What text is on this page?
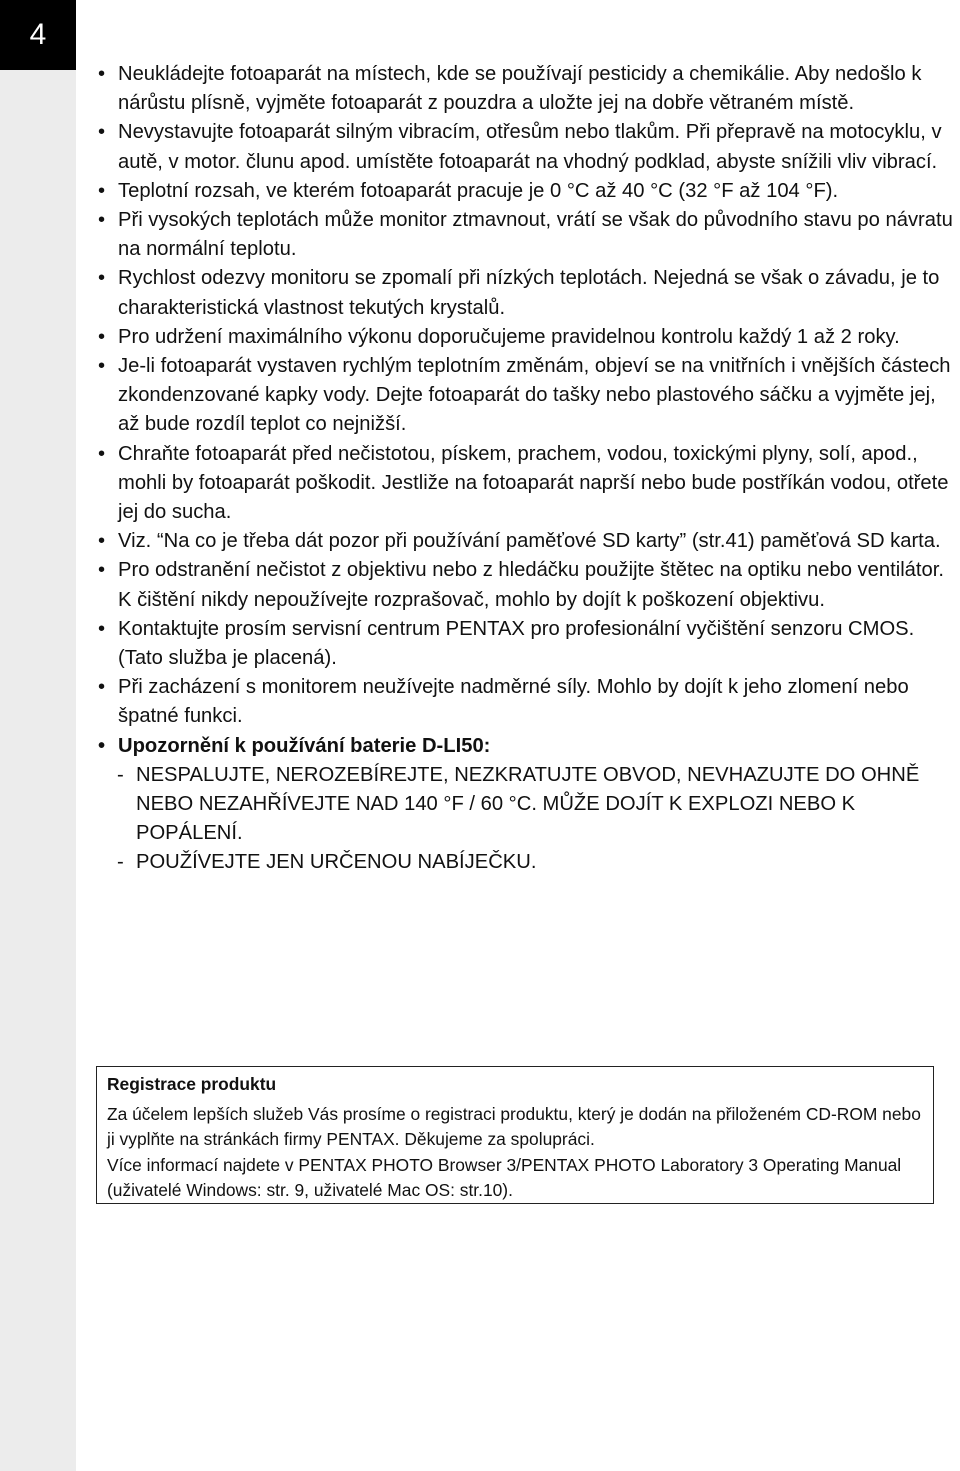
4
• Neukládejte fotoaparát na místech, kde se používají pesticidy a chemikálie. Aby nedošlo k nárůstu plísně, vyjměte fotoaparát z pouzdra a uložte jej na dobře větraném místě.
• Nevystavujte fotoaparát silným vibracím, otřesům nebo tlakům. Při přepravě na motocyklu, v autě, v motor. člunu apod. umístěte fotoaparát na vhodný podklad, abyste snížili vliv vibrací.
• Teplotní rozsah, ve kterém fotoaparát pracuje je 0 °C až 40 °C (32 °F až 104 °F).
• Při vysokých teplotách může monitor ztmavnout, vrátí se však do původního stavu po návratu na normální teplotu.
• Rychlost odezvy monitoru se zpomalí při nízkých teplotách. Nejedná se však o závadu, je to charakteristická vlastnost tekutých krystalů.
• Pro udržení maximálního výkonu doporučujeme pravidelnou kontrolu každý 1 až 2 roky.
• Je-li fotoaparát vystaven rychlým teplotním změnám, objeví se na vnitřních i vnějších částech zkondenzované kapky vody. Dejte fotoaparát do tašky nebo plastového sáčku a vyjměte jej, až bude rozdíl teplot co nejnižší.
• Chraňte fotoaparát před nečistotou, pískem, prachem, vodou, toxickými plyny, solí, apod., mohli by fotoaparát poškodit. Jestliže na fotoaparát naprší nebo bude postříkán vodou, otřete jej do sucha.
• Viz. “Na co je třeba dát pozor při používání paměťové SD karty” (str.41) paměťová SD karta.
• Pro odstranění nečistot z objektivu nebo z hledáčku použijte štětec na optiku nebo ventilátor. K čištění nikdy nepoužívejte rozprašovač, mohlo by dojít k poškození objektivu.
• Kontaktujte prosím servisní centrum PENTAX pro profesionální vyčištění senzoru CMOS. (Tato služba je placená).
• Při zacházení s monitorem neužívejte nadměrné síly. Mohlo by dojít k jeho zlomení nebo špatné funkci.
• Upozornění k používání baterie D-LI50:
- NESPALUJTE, NEROZEBÍREJTE, NEZKRATUJTE OBVOD, NEVHAZUJTE DO OHNĚ NEBO NEZAHŘÍVEJTE NAD 140 °F / 60 °C. MŮŽE DOJÍT K EXPLOZI NEBO K POPÁLENÍ.
- POUŽÍVEJTE JEN URČENOU NABÍJEČKU.
Registrace produktu
Za účelem lepších služeb Vás prosíme o registraci produktu, který je dodán na přiloženém CD-ROM nebo ji vyplňte na stránkách firmy PENTAX. Děkujeme za spolupráci.
Více informací najdete v PENTAX PHOTO Browser 3/PENTAX PHOTO Laboratory 3 Operating Manual (uživatelé Windows: str. 9, uživatelé Mac OS: str.10).
